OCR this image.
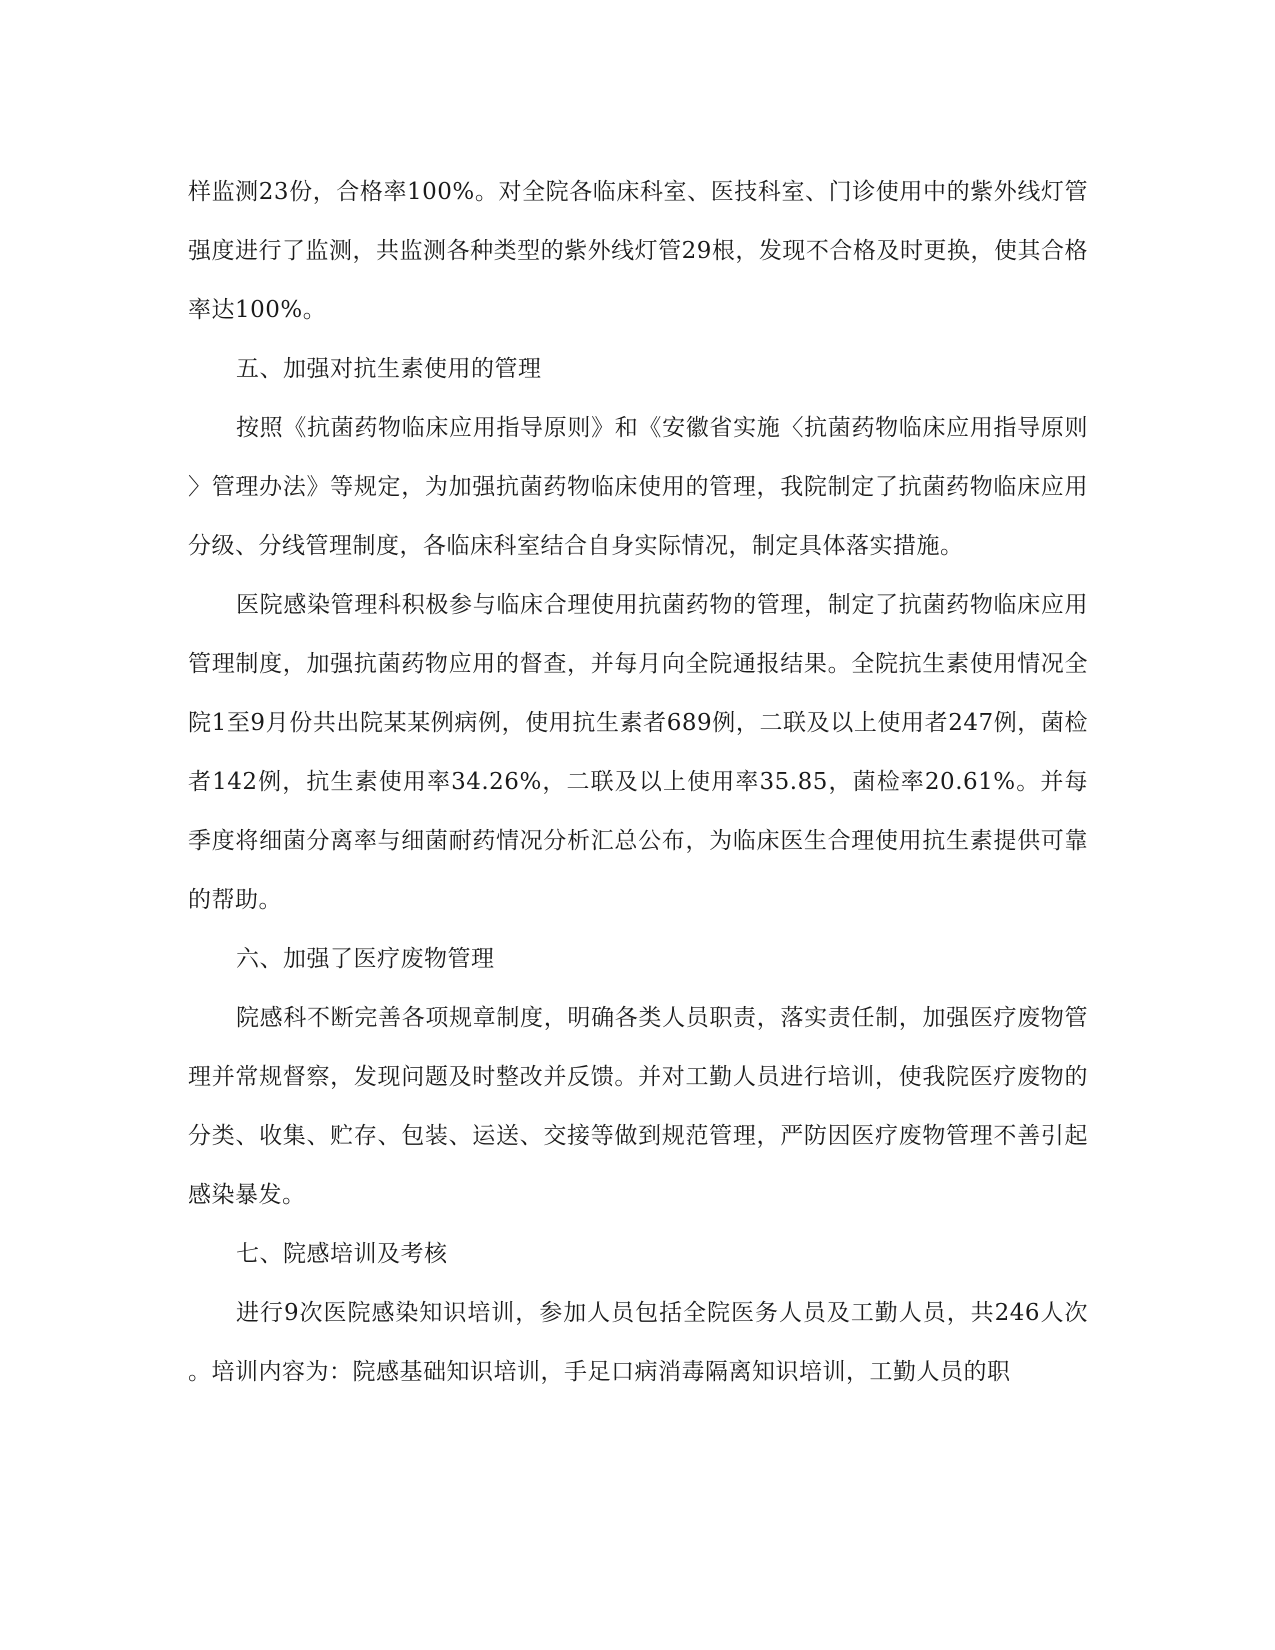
样监测23份，合格率100%。对全院各临床科室、医技科室、门诊使用中的紫外线灯管强度进行了监测，共监测各种类型的紫外线灯管29根，发现不合格及时更换，使其合格率达100%。

五、加强对抗生素使用的管理

按照《抗菌药物临床应用指导原则》和《安徽省实施〈抗菌药物临床应用指导原则〉管理办法》等规定，为加强抗菌药物临床使用的管理，我院制定了抗菌药物临床应用分级、分线管理制度，各临床科室结合自身实际情况，制定具体落实措施。

医院感染管理科积极参与临床合理使用抗菌药物的管理，制定了抗菌药物临床应用管理制度，加强抗菌药物应用的督查，并每月向全院通报结果。全院抗生素使用情况全院1至9月份共出院某某例病例，使用抗生素者689例，二联及以上使用者247例，菌检者142例，抗生素使用率34.26%，二联及以上使用率35.85，菌检率20.61%。并每季度将细菌分离率与细菌耐药情况分析汇总公布，为临床医生合理使用抗生素提供可靠的帮助。

六、加强了医疗废物管理

院感科不断完善各项规章制度，明确各类人员职责，落实责任制，加强医疗废物管理并常规督察，发现问题及时整改并反馈。并对工勤人员进行培训，使我院医疗废物的分类、收集、贮存、包装、运送、交接等做到规范管理，严防因医疗废物管理不善引起感染暴发。

七、院感培训及考核

进行9次医院感染知识培训，参加人员包括全院医务人员及工勤人员，共246人次。培训内容为：院感基础知识培训，手足口病消毒隔离知识培训，工勤人员的职
